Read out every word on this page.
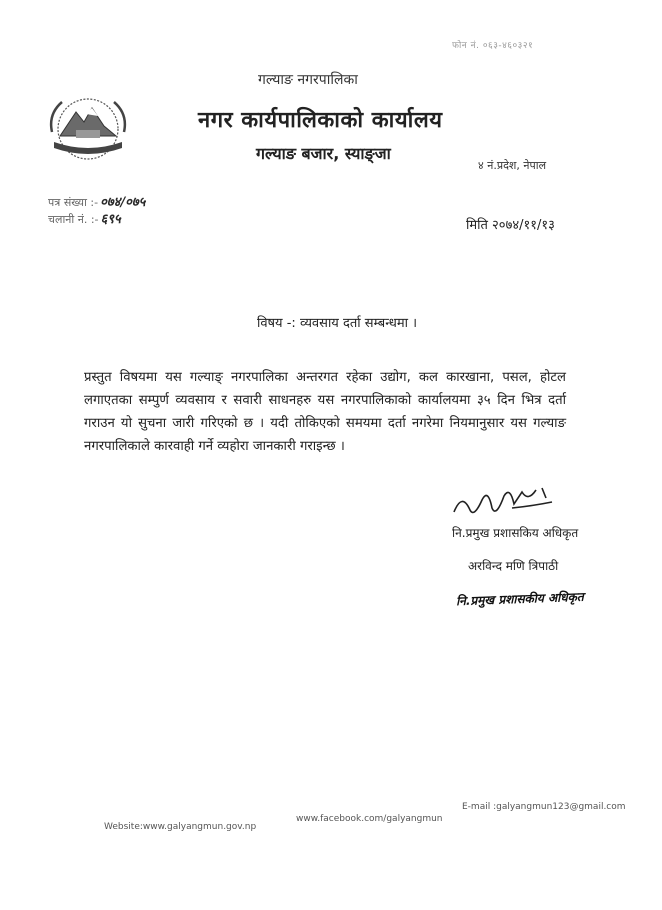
फोन नं. ०६३-४६०३२१
गल्याङ नगरपालिका
नगर कार्यपालिकाको कार्यालय
गल्याङ बजार, स्याङ्जा
४ नं.प्रदेश, नेपाल
पत्र संख्या :- ०७४/०७५
चलानी नं. :- ६९५	मिति २०७४/११/१३
विषय -: व्यवसाय दर्ता सम्बन्धमा ।
प्रस्तुत विषयमा यस गल्याङ् नगरपालिका अन्तरगत रहेका उद्योग, कल कारखाना, पसल, होटल लगाएतका सम्पुर्ण व्यवसाय र सवारी साधनहरु यस नगरपालिकाको कार्यालयमा ३५ दिन भित्र दर्ता गराउन यो सुचना जारी गरिएको छ । यदी तोकिएको समयमा दर्ता नगरेमा नियमानुसार यस गल्याङ नगरपालिकाले कारवाही गर्ने व्यहोरा जानकारी गराइन्छ ।
नि.प्रमुख प्रशासकिय अधिकृत
अरविन्द मणि त्रिपाठी
नि.प्रमुख प्रशासकीय अधिकृत
Website:www.galyangmun.gov.np
www.facebook.com/galyangmun
E-mail :galyangmun123@gmail.com
